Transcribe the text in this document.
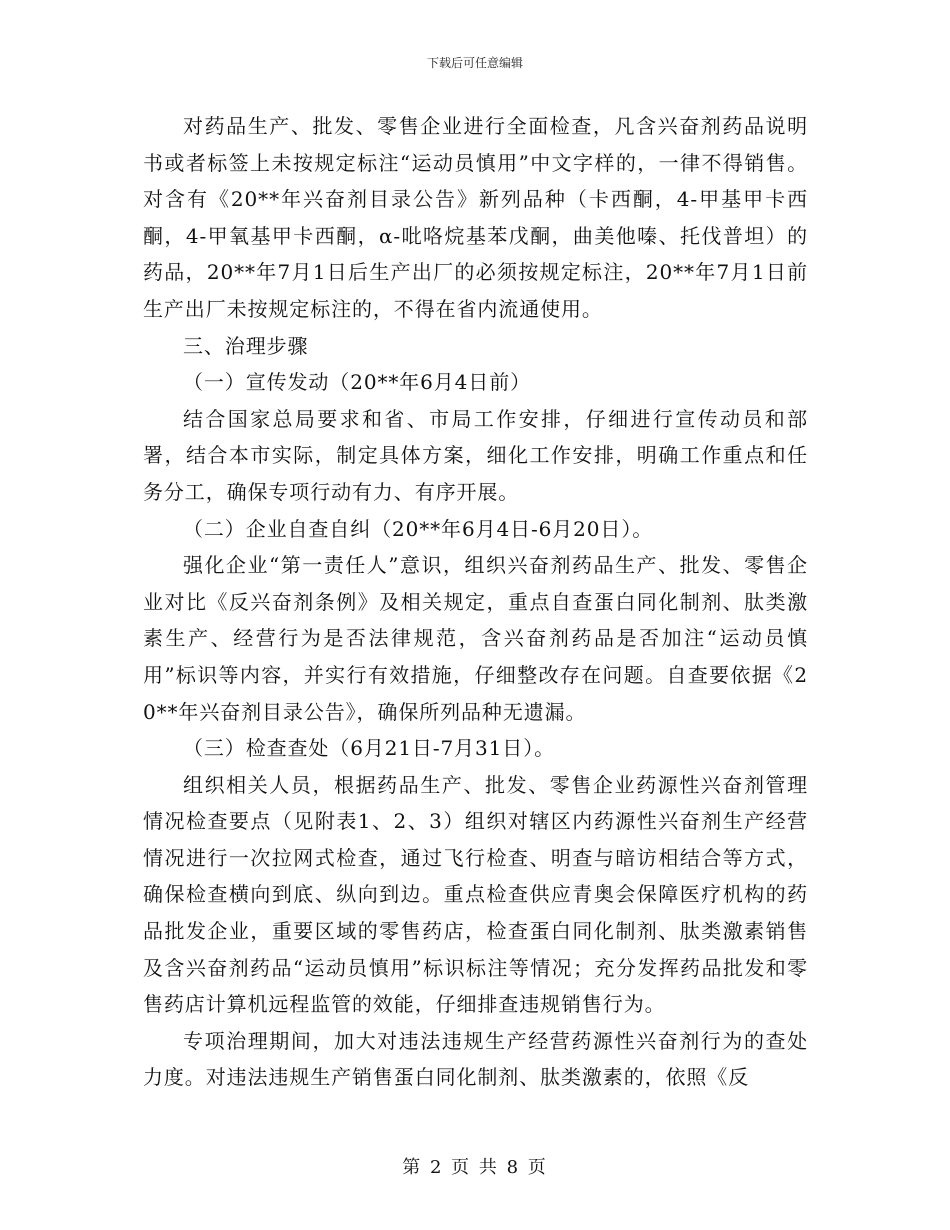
下载后可任意编辑

对药品生产、批发、零售企业进行全面检查，凡含兴奋剂药品说明书或者标签上未按规定标注“运动员慎用”中文字样的，一律不得销售。对含有《20**年兴奋剂目录公告》新列品种（卡西酮，4-甲基甲卡西酮，4-甲氧基甲卡西酮，α-吡咯烷基苯戊酮，曲美他嗪、托伐普坦）的药品，20**年7月1日后生产出厂的必须按规定标注，20**年7月1日前生产出厂未按规定标注的，不得在省内流通使用。

三、治理步骤

（一）宣传发动（20**年6月4日前）

结合国家总局要求和省、市局工作安排，仔细进行宣传动员和部署，结合本市实际，制定具体方案，细化工作安排，明确工作重点和任务分工，确保专项行动有力、有序开展。

（二）企业自查自纠（20**年6月4日-6月20日）。

强化企业“第一责任人”意识，组织兴奋剂药品生产、批发、零售企业对比《反兴奋剂条例》及相关规定，重点自查蛋白同化制剂、肽类激素生产、经营行为是否法律规范，含兴奋剂药品是否加注“运动员慎用”标识等内容，并实行有效措施，仔细整改存在问题。自查要依据《20**年兴奋剂目录公告》，确保所列品种无遗漏。

（三）检查查处（6月21日-7月31日）。

组织相关人员，根据药品生产、批发、零售企业药源性兴奋剂管理情况检查要点（见附表1、2、3）组织对辖区内药源性兴奋剂生产经营情况进行一次拉网式检查，通过飞行检查、明查与暗访相结合等方式，确保检查横向到底、纵向到边。重点检查供应青奥会保障医疗机构的药品批发企业，重要区域的零售药店，检查蛋白同化制剂、肽类激素销售及含兴奋剂药品“运动员慎用”标识标注等情况；充分发挥药品批发和零售药店计算机远程监管的效能，仔细排查违规销售行为。

专项治理期间，加大对违法违规生产经营药源性兴奋剂行为的查处力度。对违法违规生产销售蛋白同化制剂、肽类激素的，依照《反

第 2 页 共 8 页
